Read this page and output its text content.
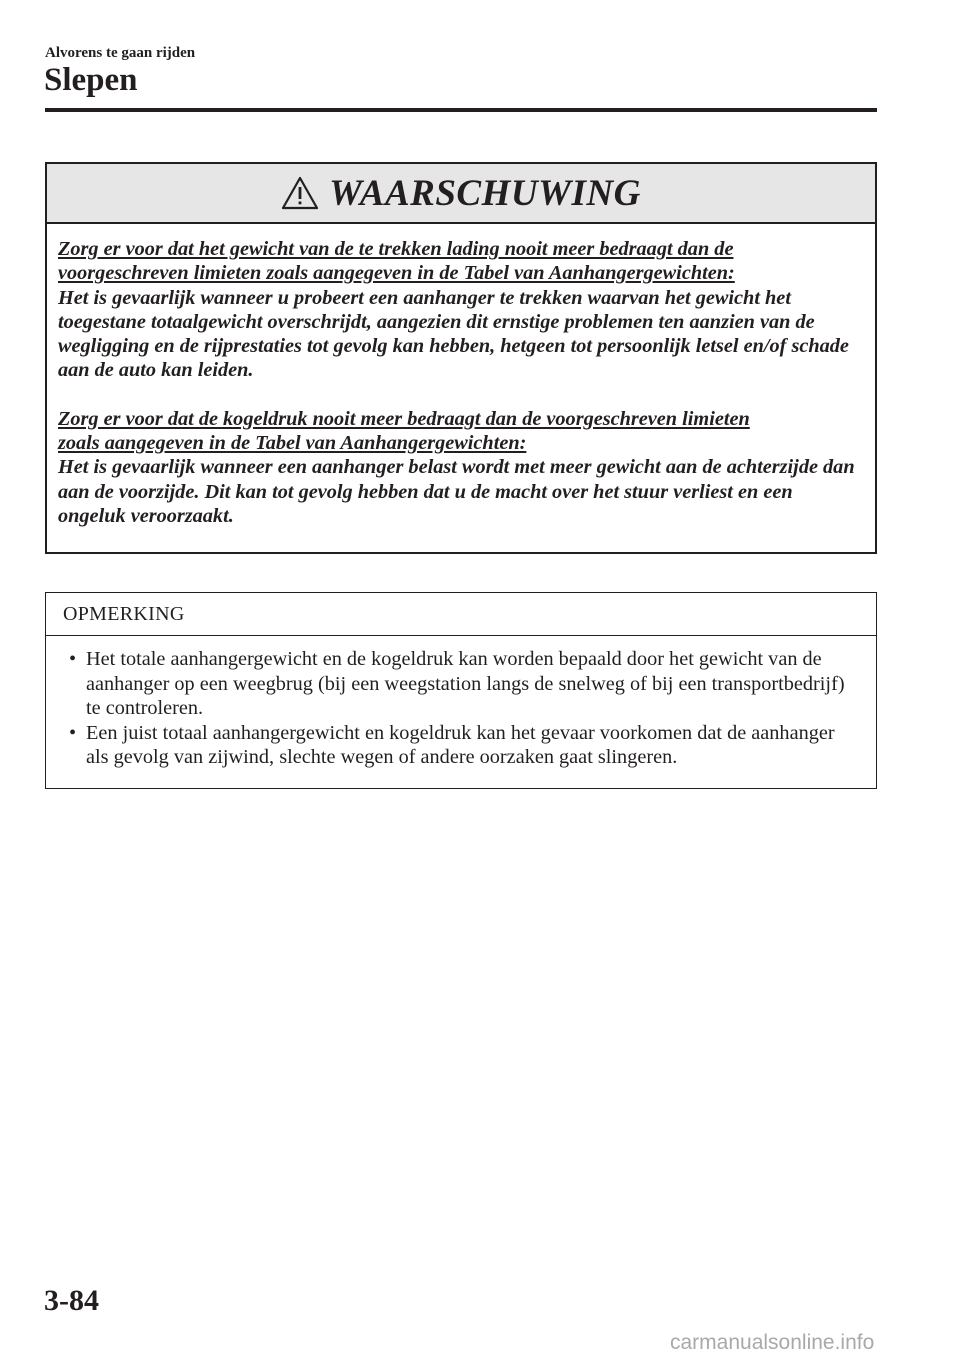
Alvorens te gaan rijden
Slepen
WAARSCHUWING

Zorg er voor dat het gewicht van de te trekken lading nooit meer bedraagt dan de

voorgeschreven limieten zoals aangegeven in de Tabel van Aanhangergewichten:

Het is gevaarlijk wanneer u probeert een aanhanger te trekken waarvan het gewicht het toegestane totaalgewicht overschrijdt, aangezien dit ernstige problemen ten aanzien van de wegligging en de rijprestaties tot gevolg kan hebben, hetgeen tot persoonlijk letsel en/of schade aan de auto kan leiden.

Zorg er voor dat de kogeldruk nooit meer bedraagt dan de voorgeschreven limieten

zoals aangegeven in de Tabel van Aanhangergewichten:

Het is gevaarlijk wanneer een aanhanger belast wordt met meer gewicht aan de achterzijde dan aan de voorzijde. Dit kan tot gevolg hebben dat u de macht over het stuur verliest en een ongeluk veroorzaakt.

OPMERKING
• Het totale aanhangergewicht en de kogeldruk kan worden bepaald door het gewicht van de aanhanger op een weegbrug (bij een weegstation langs de snelweg of bij een transportbedrijf) te controleren.
• Een juist totaal aanhangergewicht en kogeldruk kan het gevaar voorkomen dat de aanhanger als gevolg van zijwind, slechte wegen of andere oorzaken gaat slingeren.
3-84
carmanualsonline.info
